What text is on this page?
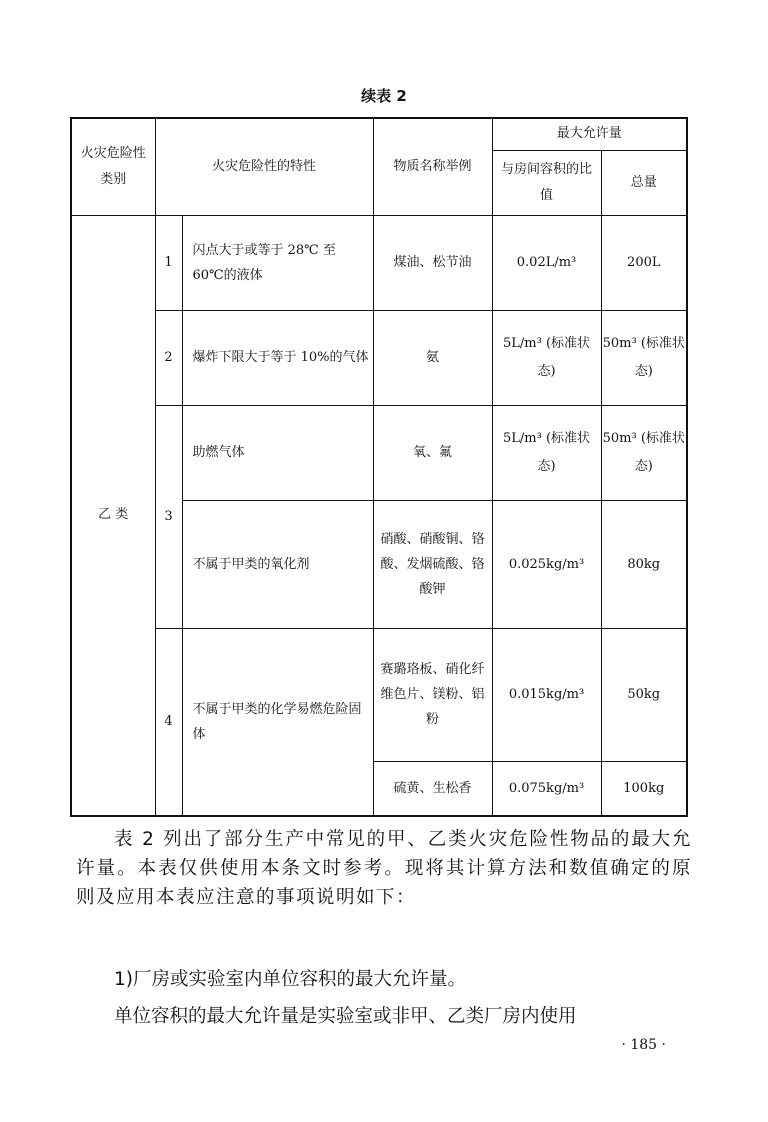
续表 2
火灾危险性类别	火灾危险性的特性		物质名称举例	最大允许量	
				与房间容积的比值	总量
乙 类	1	闪点大于或等于 28℃ 至 60℃的液体	煤油、松节油	0.02L/m³	200L
	2	爆炸下限大于等于 10%的气体	氨	5L/m³ (标准状态)	50m³ (标准状态)
	3	助燃气体	氧、氟	5L/m³ (标准状态)	50m³ (标准状态)
		不属于甲类的氧化剂	硝酸、硝酸铜、铬酸、发烟硫酸、铬酸钾	0.025kg/m³	80kg
	4	不属于甲类的化学易燃危险固体	赛璐珞板、硝化纤维色片、镁粉、铝粉	0.015kg/m³	50kg
			硫黄、生松香	0.075kg/m³	100kg
表 2 列出了部分生产中常见的甲、乙类火灾危险性物品的最大允许量。本表仅供使用本条文时参考。现将其计算方法和数值确定的原则及应用本表应注意的事项说明如下：
1)厂房或实验室内单位容积的最大允许量。
单位容积的最大允许量是实验室或非甲、乙类厂房内使用
· 185 ·
